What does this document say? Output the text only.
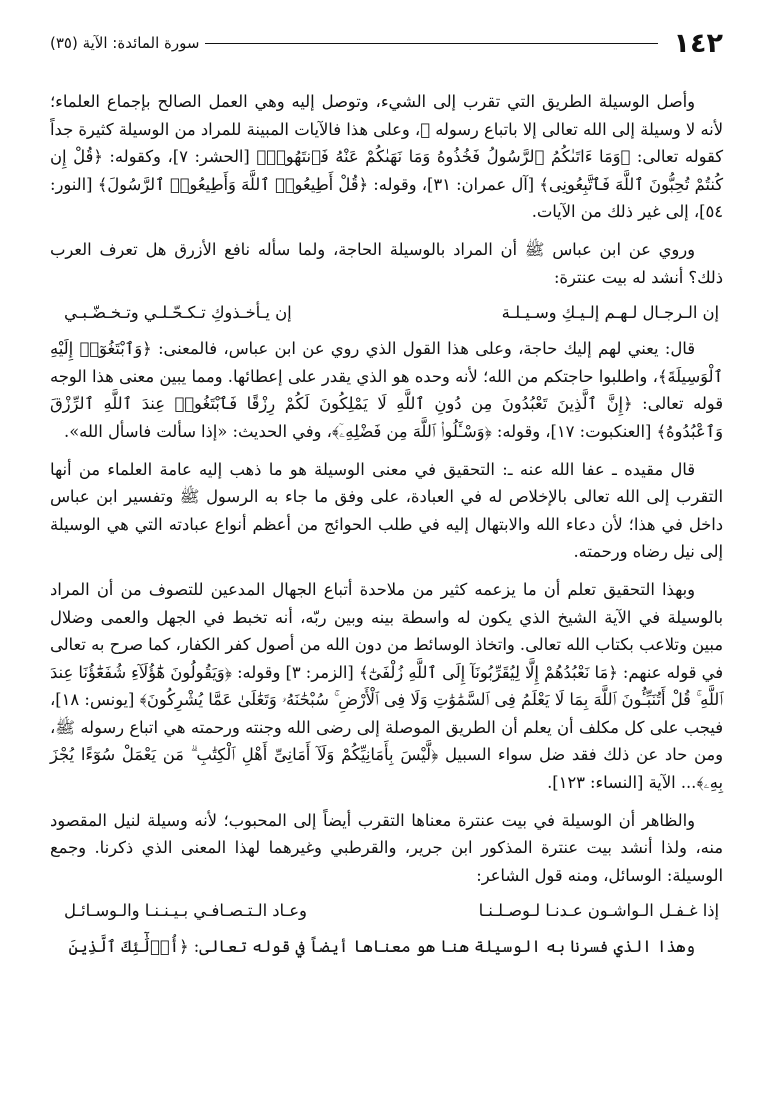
١٤٢
سورة المائدة: الآية (٣٥)

وأصل الوسيلة الطريق التي تقرب إلى الشيء، وتوصل إليه وهي العمل الصالح بإجماع العلماء؛ لأنه لا وسيلة إلى الله تعالى إلا باتباع رسوله ﷺ، وعلى هذا فالآيات المبينة للمراد من الوسيلة كثيرة جداً كقوله تعالى: ﴿وَمَا ءَاتَىٰكُمُ ٱلرَّسُولُ فَخُذُوهُ وَمَا نَهَىٰكُمْ عَنْهُ فَٱنتَهُوا۟﴾ [الحشر: ٧]، وكقوله: ﴿قُلْ إِن كُنتُمْ تُحِبُّونَ ٱللَّهَ فَٱتَّبِعُونِى﴾ [آل عمران: ٣١]، وقوله: ﴿قُلْ أَطِيعُوا۟ ٱللَّهَ وَأَطِيعُوا۟ ٱلرَّسُولَ﴾ [النور: ٥٤]، إلى غير ذلك من الآيات.

وروي عن ابن عباس ﷺ أن المراد بالوسيلة الحاجة، ولما سأله نافع الأزرق هل تعرف العرب ذلك؟ أنشد له بيت عنترة:

إن الـرجـال لـهـم إلـيـكِ وسـيـلـة
إن يـأخـذوكِ تـكـحّـلـي وتـخـضّـبـي

قال: يعني لهم إليك حاجة، وعلى هذا القول الذي روي عن ابن عباس، فالمعنى: ﴿وَٱبْتَغُوٓا۟ إِلَيْهِ ٱلْوَسِيلَةَ﴾، واطلبوا حاجتكم من الله؛ لأنه وحده هو الذي يقدر على إعطائها. ومما يبين معنى هذا الوجه قوله تعالى: ﴿إِنَّ ٱلَّذِينَ تَعْبُدُونَ مِن دُونِ ٱللَّهِ لَا يَمْلِكُونَ لَكُمْ رِزْقًا فَٱبْتَغُوا۟ عِندَ ٱللَّهِ ٱلرِّزْقَ وَٱعْبُدُوهُ﴾ [العنكبوت: ١٧]، وقوله: ﴿وَسْـَٔلُوا۟ ٱللَّهَ مِن فَضْلِهِۦٓ﴾، وفي الحديث: «إذا سألت فاسأل الله».

قال مقيده ـ عفا الله عنه ـ: التحقيق في معنى الوسيلة هو ما ذهب إليه عامة العلماء من أنها التقرب إلى الله تعالى بالإخلاص له في العبادة، على وفق ما جاء به الرسول ﷺ وتفسير ابن عباس داخل في هذا؛ لأن دعاء الله والابتهال إليه في طلب الحوائج من أعظم أنواع عبادته التي هي الوسيلة إلى نيل رضاه ورحمته.

وبهذا التحقيق تعلم أن ما يزعمه كثير من ملاحدة أتباع الجهال المدعين للتصوف من أن المراد بالوسيلة في الآية الشيخ الذي يكون له واسطة بينه وبين ربّه، أنه تخبط في الجهل والعمى وضلال مبين وتلاعب بكتاب الله تعالى. واتخاذ الوسائط من دون الله من أصول كفر الكفار، كما صرح به تعالى في قوله عنهم: ﴿مَا نَعْبُدُهُمْ إِلَّا لِيُقَرِّبُونَآ إِلَى ٱللَّهِ زُلْفَىٰٓ﴾ [الزمر: ٣] وقوله: ﴿وَيَقُولُونَ هَٰٓؤُلَآءِ شُفَعَٰٓؤُنَا عِندَ ٱللَّهِ ۚ قُلْ أَتُنَبِّـُٔونَ ٱللَّهَ بِمَا لَا يَعْلَمُ فِى ٱلسَّمَٰوَٰتِ وَلَا فِى ٱلْأَرْضِ ۚ سُبْحَٰنَهُۥ وَتَعَٰلَىٰ عَمَّا يُشْرِكُونَ﴾ [يونس: ١٨]، فيجب على كل مكلف أن يعلم أن الطريق الموصلة إلى رضى الله وجنته ورحمته هي اتباع رسوله ﷺ، ومن حاد عن ذلك فقد ضل سواء السبيل ﴿لَّيْسَ بِأَمَانِيِّكُمْ وَلَآ أَمَانِىِّ أَهْلِ ٱلْكِتَٰبِ ۗ مَن يَعْمَلْ سُوٓءًا يُجْزَ بِهِۦ﴾... الآية [النساء: ١٢٣].

والظاهر أن الوسيلة في بيت عنترة معناها التقرب أيضاً إلى المحبوب؛ لأنه وسيلة لنيل المقصود منه، ولذا أنشد بيت عنترة المذكور ابن جرير، والقرطبي وغيرهما لهذا المعنى الذي ذكرنا. وجمع الوسيلة: الوسائل، ومنه قول الشاعر:

إذا غـفـل الـواشـون عـدنـا لـوصـلـنـا
وعـاد الـتـصـافـي بـيـنـنـا والـوسـائـل

وهذا الذي فسرنا به الوسيلة هنا هو معناها أيضاً في قوله تعالى: ﴿أُو۟لَٰٓئِكَ ٱلَّذِينَ
